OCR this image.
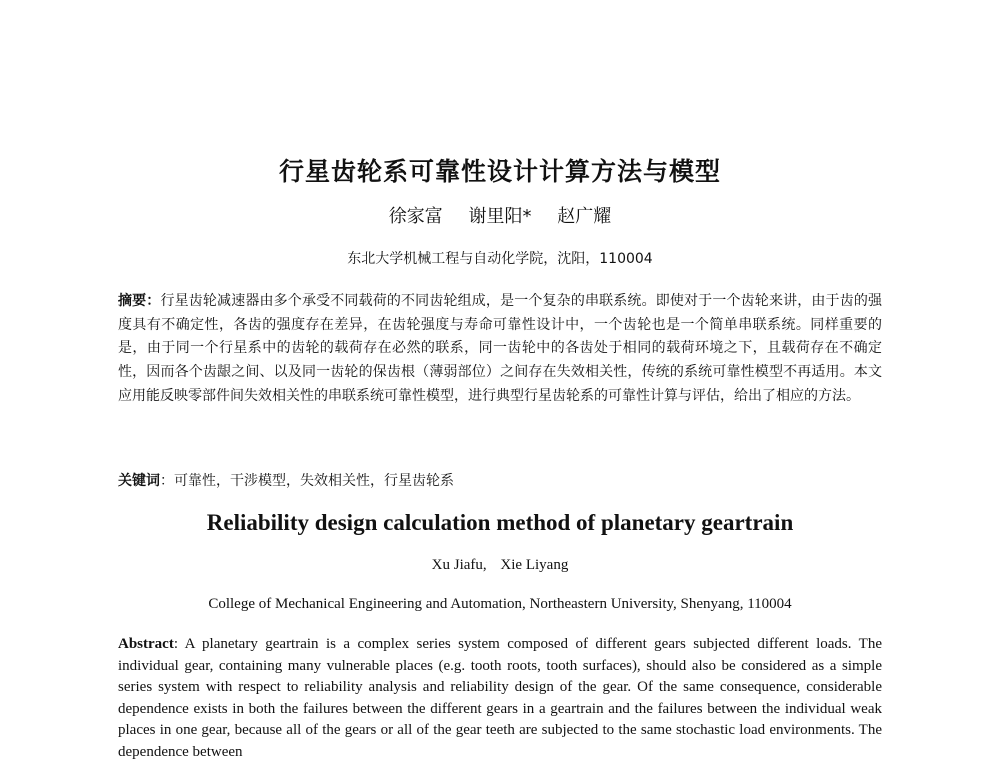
行星齿轮系可靠性设计计算方法与模型
徐家富 谢里阳* 赵广耀
东北大学机械工程与自动化学院，沈阳，110004
摘要：行星齿轮减速器由多个承受不同载荷的不同齿轮组成，是一个复杂的串联系统。即使对于一个齿轮来讲，由于齿的强度具有不确定性，各齿的强度存在差异，在齿轮强度与寿命可靠性设计中，一个齿轮也是一个简单串联系统。同样重要的是，由于同一个行星系中的齿轮的载荷存在必然的联系，同一齿轮中的各齿处于相同的载荷环境之下，且载荷存在不确定性，因而各个齿龈之间、以及同一齿轮的保齿根（薄弱部位）之间存在失效相关性，传统的系统可靠性模型不再适用。本文应用能反映零部件间失效相关性的串联系统可靠性模型，进行典型行星齿轮系的可靠性计算与评估，给出了相应的方法。
关键词：可靠性，干涉模型，失效相关性，行星齿轮系
Reliability design calculation method of planetary geartrain
Xu Jiafu, Xie Liyang
College of Mechanical Engineering and Automation, Northeastern University, Shenyang, 110004
Abstract: A planetary geartrain is a complex series system composed of different gears subjected different loads. The individual gear, containing many vulnerable places (e.g. tooth roots, tooth surfaces), should also be considered as a simple series system with respect to reliability analysis and reliability design of the gear. Of the same consequence, considerable dependence exists in both the failures between the different gears in a geartrain and the failures between the individual weak places in one gear, because all of the gears or all of the gear teeth are subjected to the same stochastic load environments. The dependence between
